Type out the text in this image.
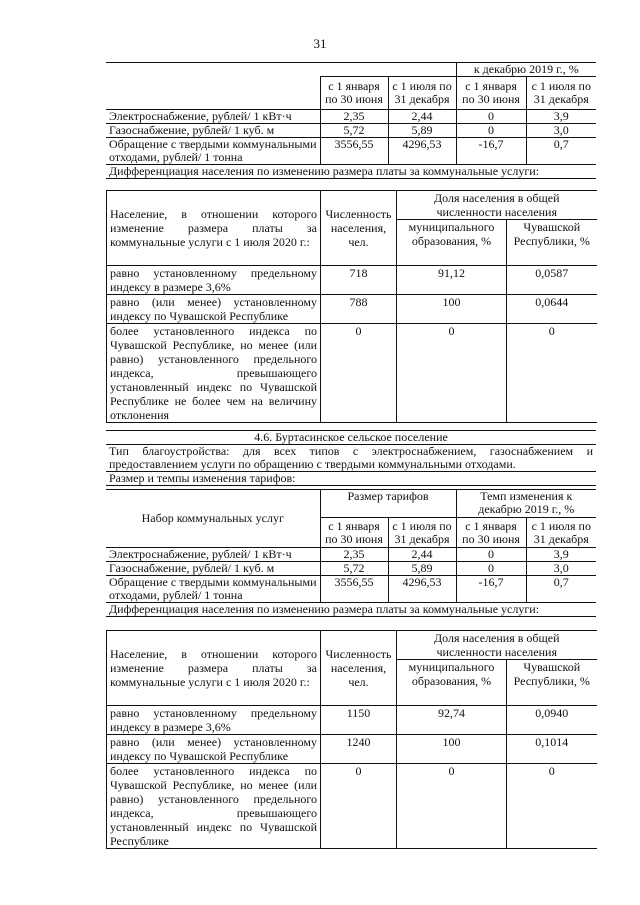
31
			к декабрю 2019 г., %	
	с 1 января по 30 июня	с 1 июля по 31 декабря	с 1 января по 30 июня	с 1 июля по 31 декабря
Электроснабжение, рублей/ 1 кВт·ч	2,35	2,44	0	3,9
Газоснабжение, рублей/ 1 куб. м	5,72	5,89	0	3,0
Обращение с твердыми коммунальными отходами, рублей/ 1 тонна	3556,55	4296,53	-16,7	0,7
Дифференциация населения по изменению размера платы за коммунальные услуги:				
Население, в отношении которого изменение размера платы за коммунальные услуги с 1 июля 2020 г.:	Численность населения, чел.	Доля населения в общей численности населения	
		муниципального образования, %	Чувашской Республики, %
равно установленному предельному индексу в размере 3,6%	718	91,12	0,0587
равно (или менее) установленному индексу по Чувашской Республике	788	100	0,0644
более установленного индекса по Чувашской Республике, но менее (или равно) установленного предельного индекса, превышающего установленный индекс по Чувашской Республике не более чем на величину отклонения	0	0	0
4.6. Буртасинское сельское поселение
Тип благоустройства: для всех типов с электроснабжением, газоснабжением и предоставлением услуги по обращению с твердыми коммунальными отходами.
Размер и темпы изменения тарифов:
Набор коммунальных услуг	Размер тарифов		Темп изменения к декабрю 2019 г., %	
	с 1 января по 30 июня	с 1 июля по 31 декабря	с 1 января по 30 июня	с 1 июля по 31 декабря
Электроснабжение, рублей/ 1 кВт·ч	2,35	2,44	0	3,9
Газоснабжение, рублей/ 1 куб. м	5,72	5,89	0	3,0
Обращение с твердыми коммунальными отходами, рублей/ 1 тонна	3556,55	4296,53	-16,7	0,7
Дифференциация населения по изменению размера платы за коммунальные услуги:				
Население, в отношении которого изменение размера платы за коммунальные услуги с 1 июля 2020 г.:	Численность населения, чел.	Доля населения в общей численности населения	
		муниципального образования, %	Чувашской Республики, %
равно установленному предельному индексу в размере 3,6%	1150	92,74	0,0940
равно (или менее) установленному индексу по Чувашской Республике	1240	100	0,1014
более установленного индекса по Чувашской Республике, но менее (или равно) установленного предельного индекса, превышающего установленный индекс по Чувашской Республике	0	0	0
